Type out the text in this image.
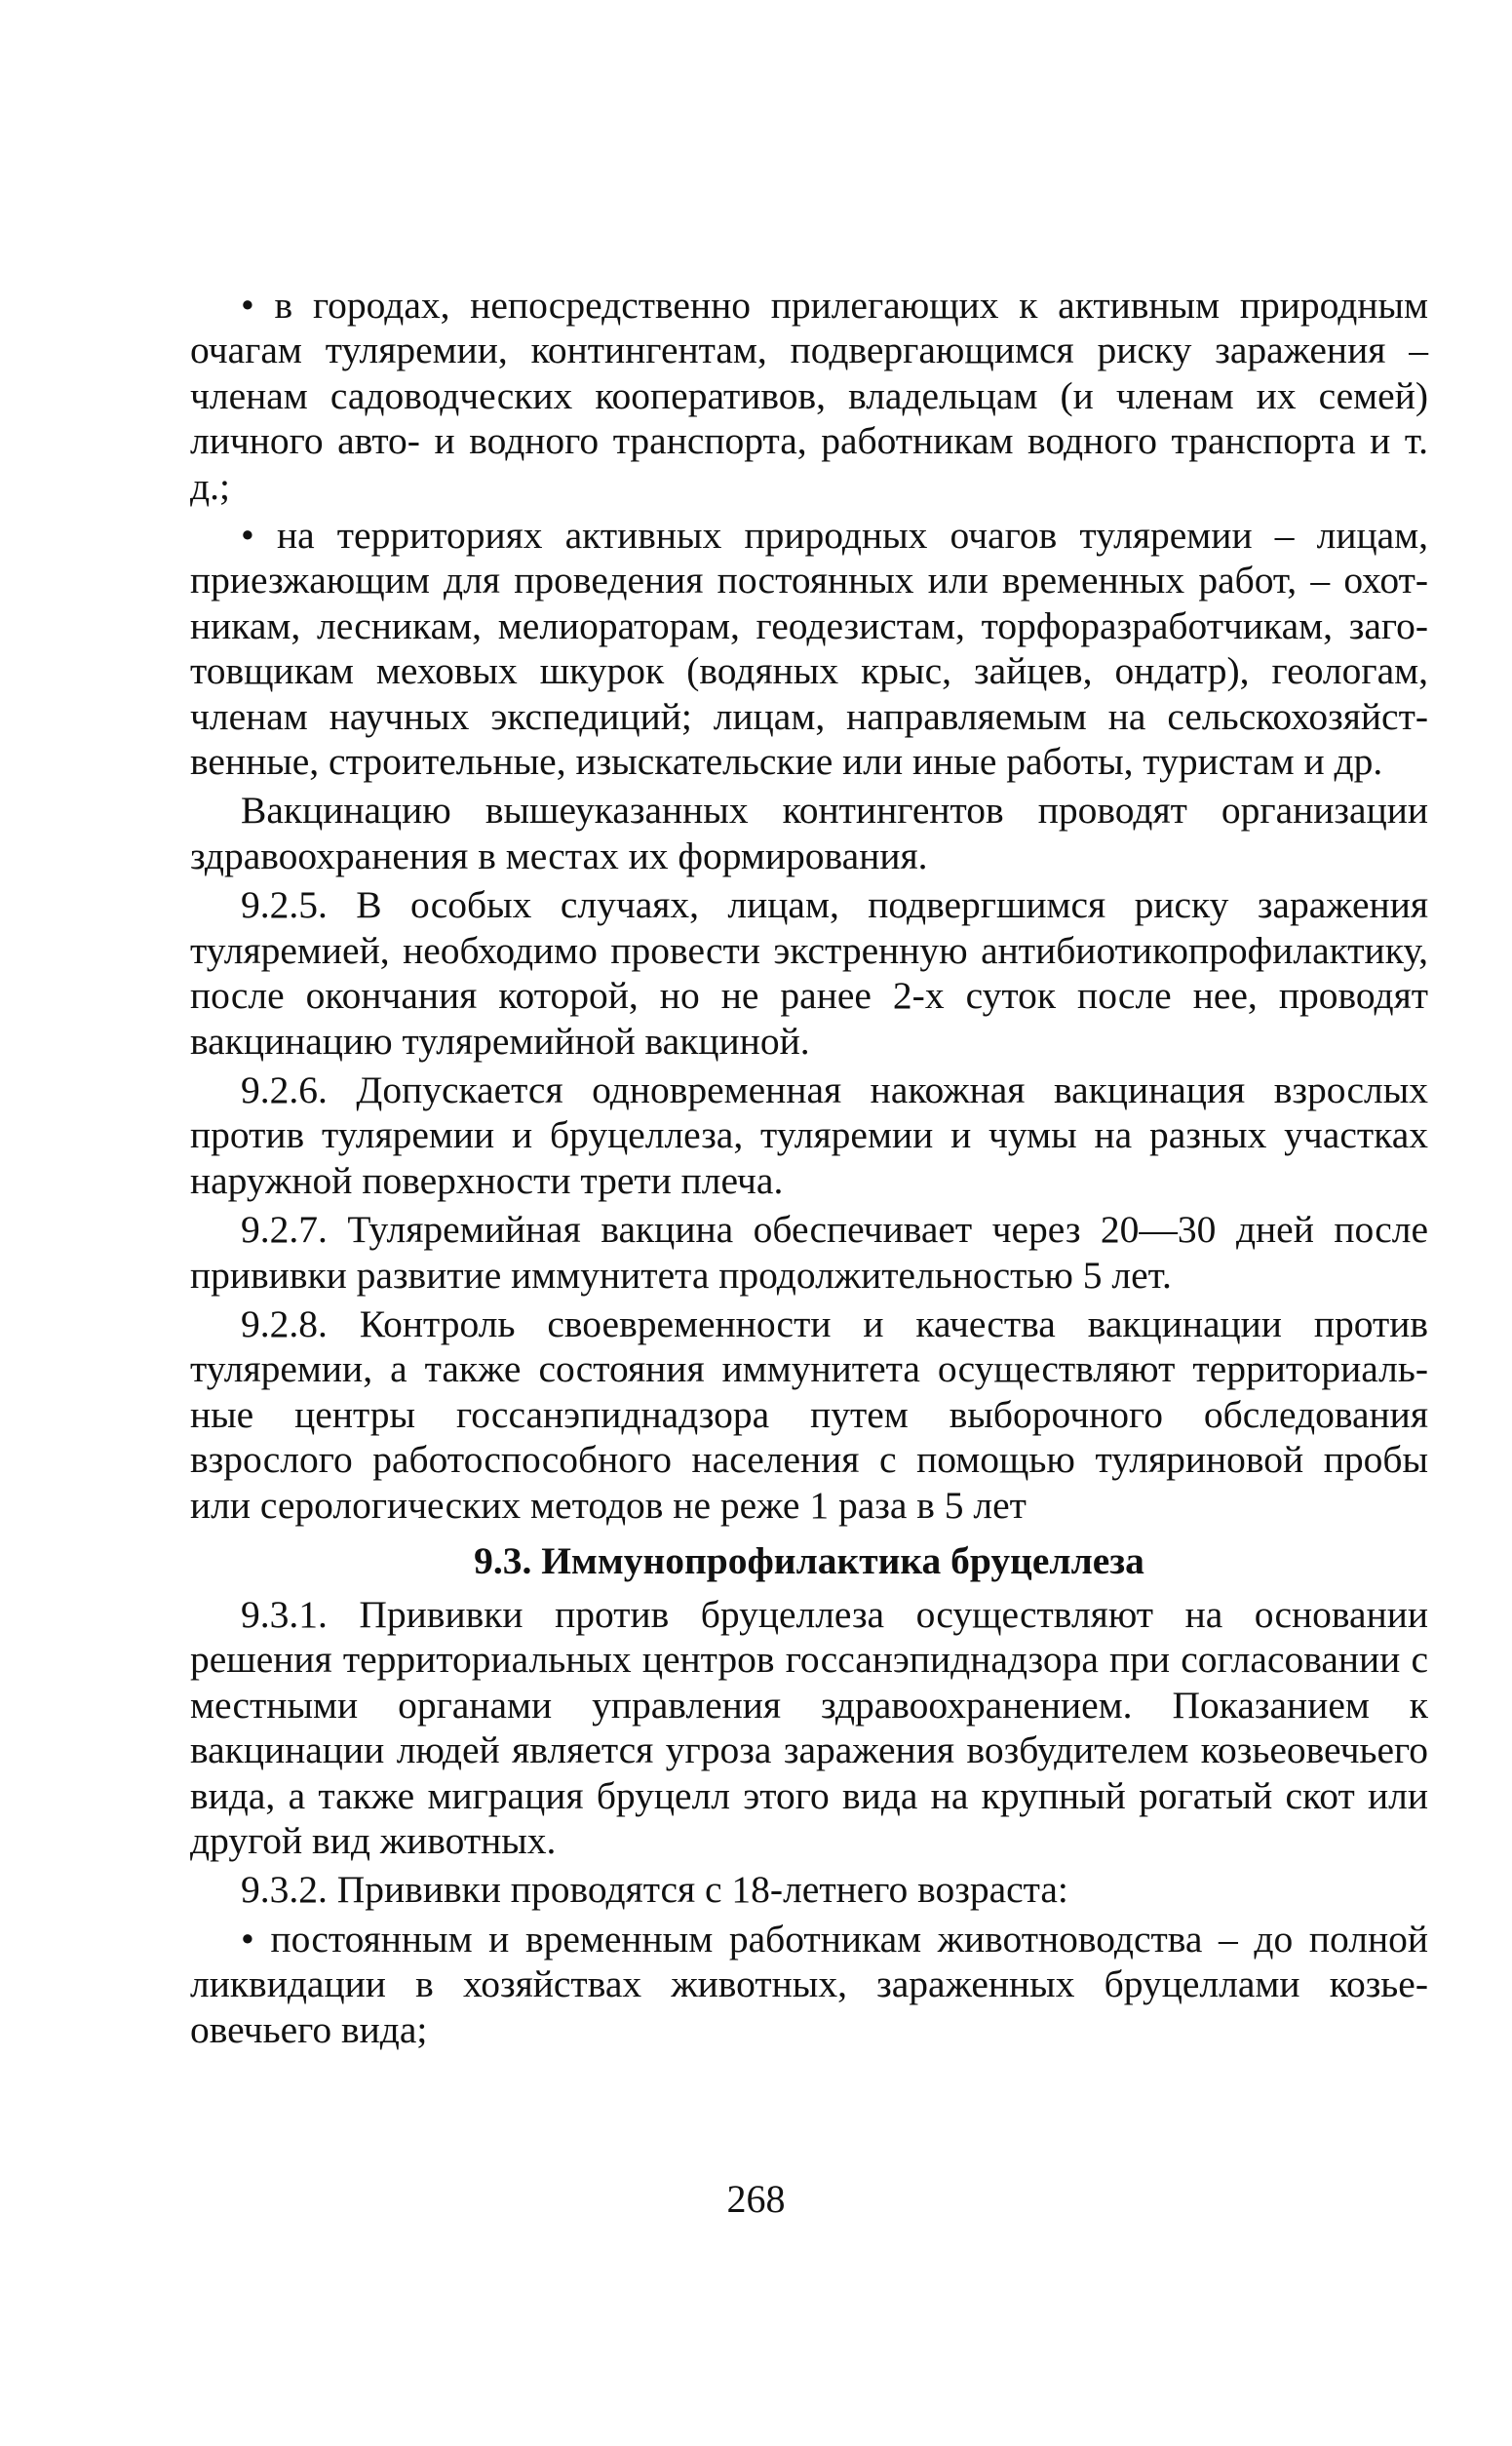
• в городах, непосредственно прилегающих к активным природным очагам туляремии, контингентам, подвергающимся риску заражения – членам садоводческих кооперативов, владельцам (и членам их семей) личного авто- и водного транспорта, работникам водного транспорта и т. д.;

• на территориях активных природных очагов туляремии – лицам, приезжающим для проведения постоянных или временных работ, – охотникам, лесникам, мелиораторам, геодезистам, торфоразработчикам, заготовщикам меховых шкурок (водяных крыс, зайцев, ондатр), геологам, членам научных экспедиций; лицам, направляемым на сельскохозяйственные, строительные, изыскательские или иные работы, туристам и др.

Вакцинацию вышеуказанных контингентов проводят организации здравоохранения в местах их формирования.

9.2.5. В особых случаях, лицам, подвергшимся риску заражения туляремией, необходимо провести экстренную антибиотикопрофилактику, после окончания которой, но не ранее 2-х суток после нее, проводят вакцинацию туляремийной вакциной.

9.2.6. Допускается одновременная накожная вакцинация взрослых против туляремии и бруцеллеза, туляремии и чумы на разных участках наружной поверхности трети плеча.

9.2.7. Туляремийная вакцина обеспечивает через 20—30 дней после прививки развитие иммунитета продолжительностью 5 лет.

9.2.8. Контроль своевременности и качества вакцинации против туляремии, а также состояния иммунитета осуществляют территориальные центры госсанэпиднадзора путем выборочного обследования взрослого работоспособного населения с помощью туляриновой пробы или серологических методов не реже 1 раза в 5 лет

9.3. Иммунопрофилактика бруцеллеза

9.3.1. Прививки против бруцеллеза осуществляют на основании решения территориальных центров госсанэпиднадзора при согласовании с местными органами управления здравоохранением. Показанием к вакцинации людей является угроза заражения возбудителем козьеовечьего вида, а также миграция бруцелл этого вида на крупный рогатый скот или другой вид животных.

9.3.2. Прививки проводятся с 18-летнего возраста:

• постоянным и временным работникам животноводства – до полной ликвидации в хозяйствах животных, зараженных бруцеллами козьеовечьего вида;

268
